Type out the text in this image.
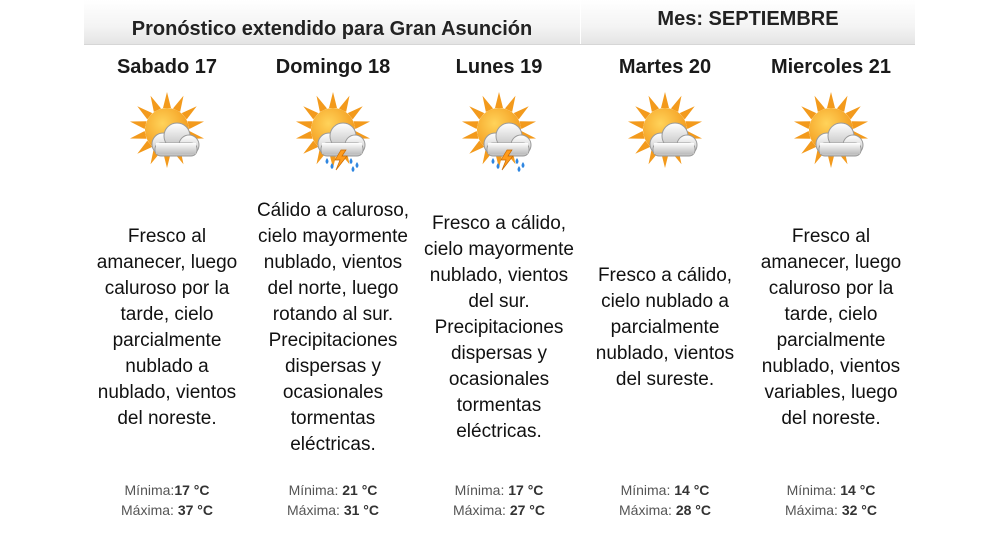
Pronóstico extendido para Gran Asunción	Mes: SEPTIEMBRE
Sabado 17
Fresco al amanecer, luego caluroso por la tarde, cielo parcialmente nublado a nublado, vientos del noreste.
Mínima:17 °C
Máxima: 37 °C
Domingo 18
Cálido a caluroso, cielo mayormente nublado, vientos del norte, luego rotando al sur. Precipitaciones dispersas y ocasionales tormentas eléctricas.
Mínima: 21 °C
Máxima: 31 °C
Lunes 19
Fresco a cálido, cielo mayormente nublado, vientos del sur. Precipitaciones dispersas y ocasionales tormentas eléctricas.
Mínima: 17 °C
Máxima: 27 °C
Martes 20
Fresco a cálido, cielo nublado a parcialmente nublado, vientos del sureste.
Mínima: 14 °C
Máxima: 28 °C
Miercoles 21
Fresco al amanecer, luego caluroso por la tarde, cielo parcialmente nublado, vientos variables, luego del noreste.
Mínima: 14 °C
Máxima: 32 °C
